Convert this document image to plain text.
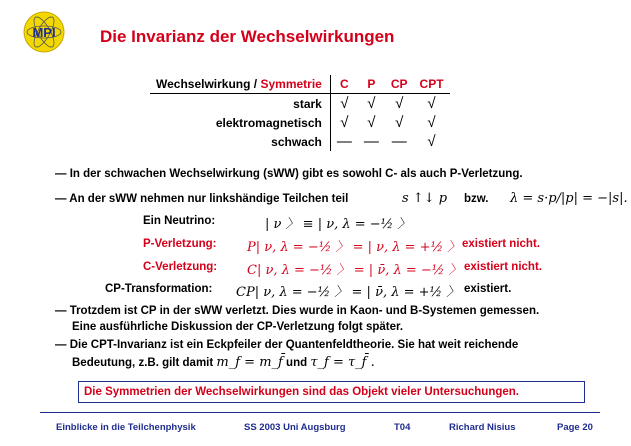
MPI	Die Invarianz der Wechselwirkungen
Wechselwirkung / Symmetrie	C	P	CP	CPT
stark	√	√	√	√
elektromagnetisch	√	√	√	√
schwach	—	—	—	√
— In der schwachen Wechselwirkung (sWW) gibt es sowohl C- als auch P-Verletzung.
— An der sWW nehmen nur linkshändige Teilchen teil	s ↑↓ p bzw. λ = s·p/|p| = −|s|.
Ein Neutrino:	| ν 〉 ≡ | ν, λ = −½ 〉
P-Verletzung: P| ν, λ = −½ 〉 = | ν, λ = +½ 〉 existiert nicht.
C-Verletzung: C| ν, λ = −½ 〉 = | ν̄, λ = −½ 〉 existiert nicht.
CP-Transformation: CP| ν, λ = −½ 〉 = | ν̄, λ = +½ 〉 existiert.
— Trotzdem ist CP in der sWW verletzt. Dies wurde in Kaon- und B-Systemen gemessen.
Eine ausführliche Diskussion der CP-Verletzung folgt später.
— Die CPT-Invarianz ist ein Eckpfeiler der Quantenfeldtheorie. Sie hat weit reichende
Bedeutung, z.B. gilt damit m_f = m_f̄ und τ_f = τ_f̄ .
Die Symmetrien der Wechselwirkungen sind das Objekt vieler Untersuchungen.
Einblicke in die Teilchenphysik	SS 2003 Uni Augsburg	T04	Richard Nisius	Page 20
